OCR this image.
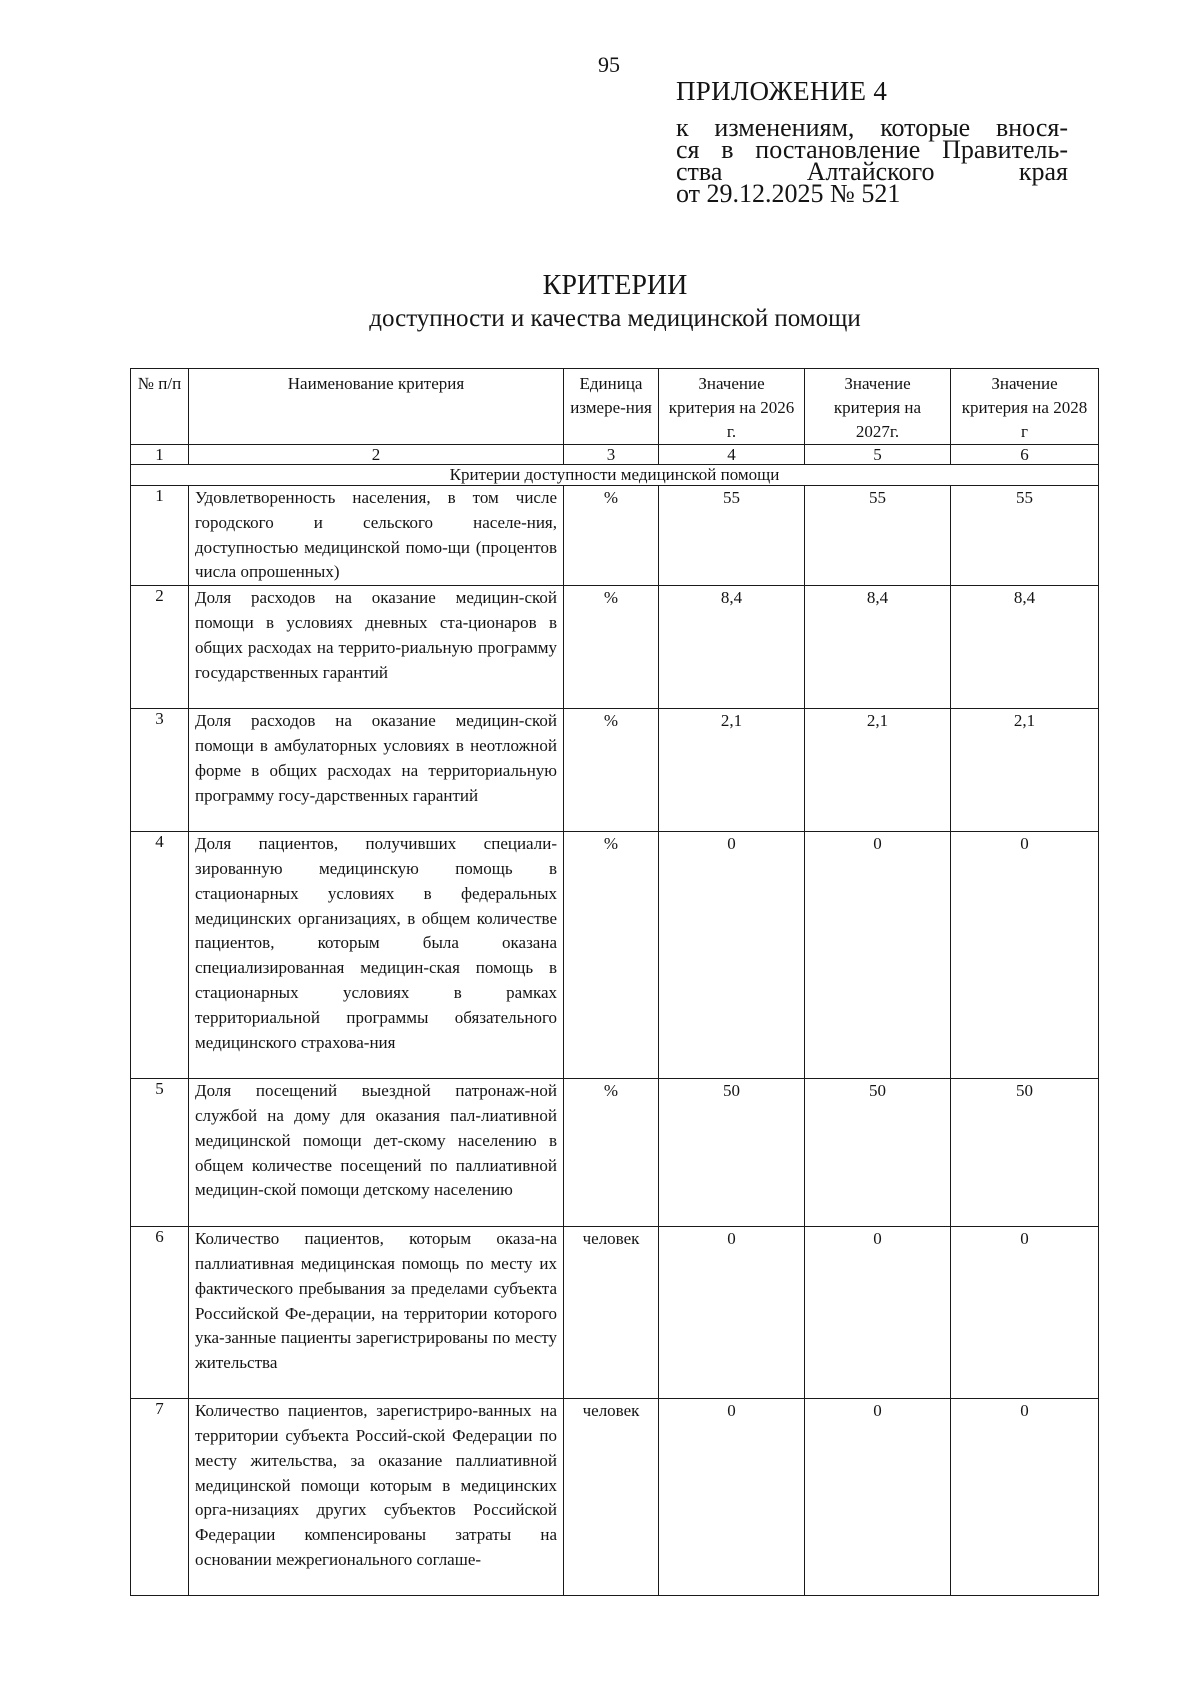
95
ПРИЛОЖЕНИЕ 4
к изменениям, которые внося-
ся в постановление Правитель-
ства Алтайского края
от 29.12.2025 № 521
КРИТЕРИИ
доступности и качества медицинской помощи
№ п/п	Наименование критерия	Единица измере-ния	Значение критерия на 2026 г.	Значение критерия на 2027г.	Значение критерия на 2028 г
1	2	3	4	5	6
Критерии доступности медицинской помощи					
1	Удовлетворенность населения, в том числе городского и сельского населе-ния, доступностью медицинской помо-щи (процентов числа опрошенных)	%	55	55	55
2	Доля расходов на оказание медицин-ской помощи в условиях дневных ста-ционаров в общих расходах на террито-риальную программу государственных гарантий	%	8,4	8,4	8,4
3	Доля расходов на оказание медицин-ской помощи в амбулаторных условиях в неотложной форме в общих расходах на территориальную программу госу-дарственных гарантий	%	2,1	2,1	2,1
4	Доля пациентов, получивших специали-зированную медицинскую помощь в стационарных условиях в федеральных медицинских организациях, в общем количестве пациентов, которым была оказана специализированная медицин-ская помощь в стационарных условиях в рамках территориальной программы обязательного медицинского страхова-ния	%	0	0	0
5	Доля посещений выездной патронаж-ной службой на дому для оказания пал-лиативной медицинской помощи дет-скому населению в общем количестве посещений по паллиативной медицин-ской помощи детскому населению	%	50	50	50
6	Количество пациентов, которым оказа-на паллиативная медицинская помощь по месту их фактического пребывания за пределами субъекта Российской Фе-дерации, на территории которого ука-занные пациенты зарегистрированы по месту жительства	человек	0	0	0
7	Количество пациентов, зарегистриро-ванных на территории субъекта Россий-ской Федерации по месту жительства, за оказание паллиативной медицинской помощи которым в медицинских орга-низациях других субъектов Российской Федерации компенсированы затраты на основании межрегионального соглаше-	человек	0	0	0
